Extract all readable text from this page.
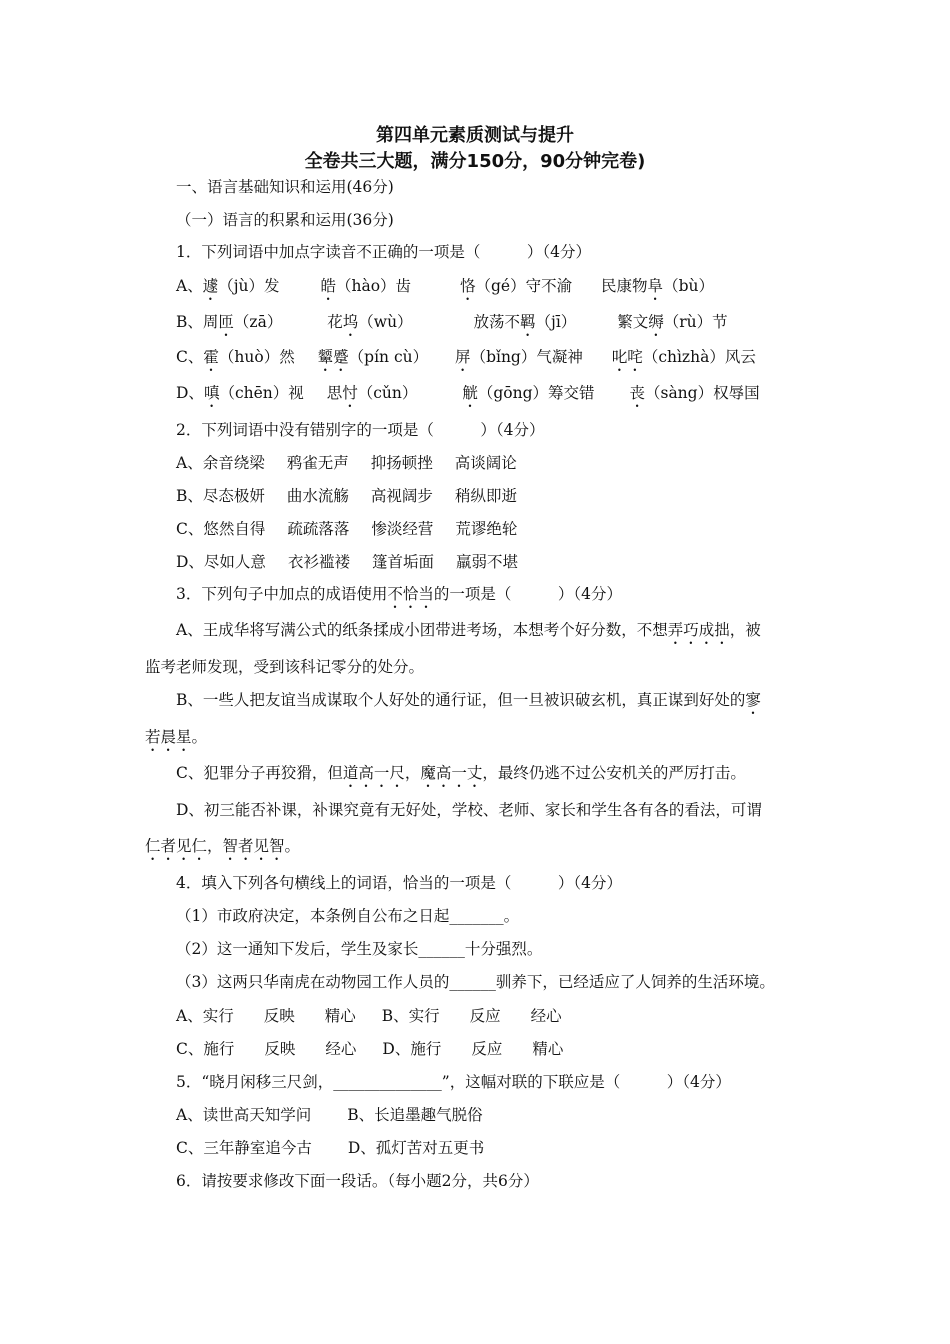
第四单元素质测试与提升
全卷共三大题，满分150分，90分钟完卷)
一、语言基础知识和运用(46分)
（一）语言的积累和运用(36分)
1．下列词语中加点字读音不正确的一项是（　　　）（4分）
A、遽（jù）发	皓（hào）齿	恪（gé）守不渝 民康物阜（bù）
B、周匝（zā）	花坞（wù）	放荡不羁（jī）	繁文缛（rù）节
C、霍（huò）然 颦蹙（pín cù） 屏（bǐng）气凝神 叱咤（chìzhà）风云
D、嗔（chēn）视 思忖（cǔn）	觥（gōng）筹交错 丧（sàng）权辱国
2．下列词语中没有错别字的一项是（　　　）（4分）
A、余音绕梁 鸦雀无声 抑扬顿挫 高谈阔论
B、尽态极妍 曲水流觞 高视阔步 稍纵即逝
C、悠然自得 疏疏落落 惨淡经营 荒谬绝轮
D、尽如人意 衣衫褴褛 篷首垢面 羸弱不堪
3．下列句子中加点的成语使用不恰当的一项是（　　　）（4分）
A、王成华将写满公式的纸条揉成小团带进考场，本想考个好分数，不想弄巧成拙，被
监考老师发现，受到该科记零分的处分。
B、一些人把友谊当成谋取个人好处的通行证，但一旦被识破玄机，真正谋到好处的寥
若晨星。
C、犯罪分子再狡猾，但道高一尺，魔高一丈，最终仍逃不过公安机关的严厉打击。
D、初三能否补课，补课究竟有无好处，学校、老师、家长和学生各有各的看法，可谓
仁者见仁，智者见智。
4．填入下列各句横线上的词语，恰当的一项是（　　　）（4分）
（1）市政府决定，本条例自公布之日起_______。
（2）这一通知下发后，学生及家长______十分强烈。
（3）这两只华南虎在动物园工作人员的______驯养下，已经适应了人饲养的生活环境。
A、实行 反映 精心 B、实行 反应 经心
C、施行 反映 经心 D、施行 反应 精心
5．“晓月闲移三尺剑，______________”，这幅对联的下联应是（　　　）（4分）
A、读世高天知学问 B、长追墨趣气脱俗
C、三年静室追今古 D、孤灯苦对五更书
6．请按要求修改下面一段话。（每小题2分，共6分）
